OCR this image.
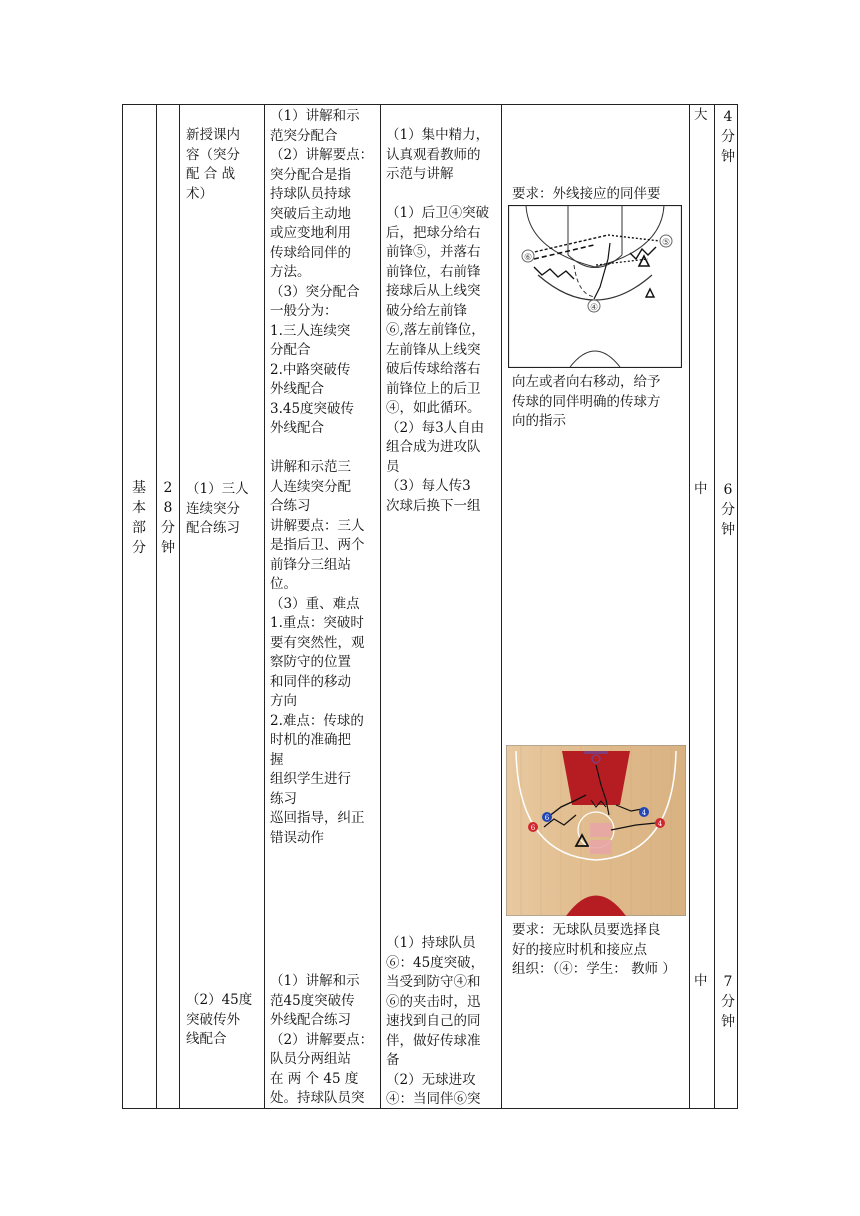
基
本
部
分
2
8
分
钟
新授课内
容（突分
配 合 战
术）
（1）三人
连续突分
配合练习
（2）45度
突破传外
线配合
（1）讲解和示
范突分配合
（2）讲解要点：
突分配合是指
持球队员持球
突破后主动地
或应变地利用
传球给同伴的
方法。
（3）突分配合
一般分为：
1.三人连续突
分配合
2.中路突破传
外线配合
3.45度突破传
外线配合

讲解和示范三
人连续突分配
合练习
讲解要点：三人
是指后卫、两个
前锋分三组站
位。
（3）重、难点
1.重点：突破时
要有突然性，观
察防守的位置
和同伴的移动
方向
2.难点：传球的
时机的准确把
握
组织学生进行
练习
巡回指导，纠正
错误动作
（1）讲解和示
范45度突破传
外线配合练习
（2）讲解要点：
队员分两组站
在 两 个 45 度
处。持球队员突
（1）集中精力，
认真观看教师的
示范与讲解

（1）后卫④突破
后，把球分给右
前锋⑤，并落右
前锋位，右前锋
接球后从上线突
破分给左前锋
⑥,落左前锋位，
左前锋从上线突
破后传球给落右
前锋位上的后卫
④，如此循环。
（2）每3人自由
组合成为进攻队
员
（3）每人传3
次球后换下一组
（1）持球队员
⑥：45度突破，
当受到防守④和
⑥的夹击时，迅
速找到自己的同
伴，做好传球准
备
（2）无球进攻
④：当同伴⑥突
要求：外线接应的同伴要
⑥
⑤
④
向左或者向右移动，给予
传球的同伴明确的传球方
向的指示
6
4
6	4
要求：无球队员要选择良
好的接应时机和接应点
组织：（④：学生： 教师 ）
大
中
中
4
分
钟
6
分
钟
7
分
钟
